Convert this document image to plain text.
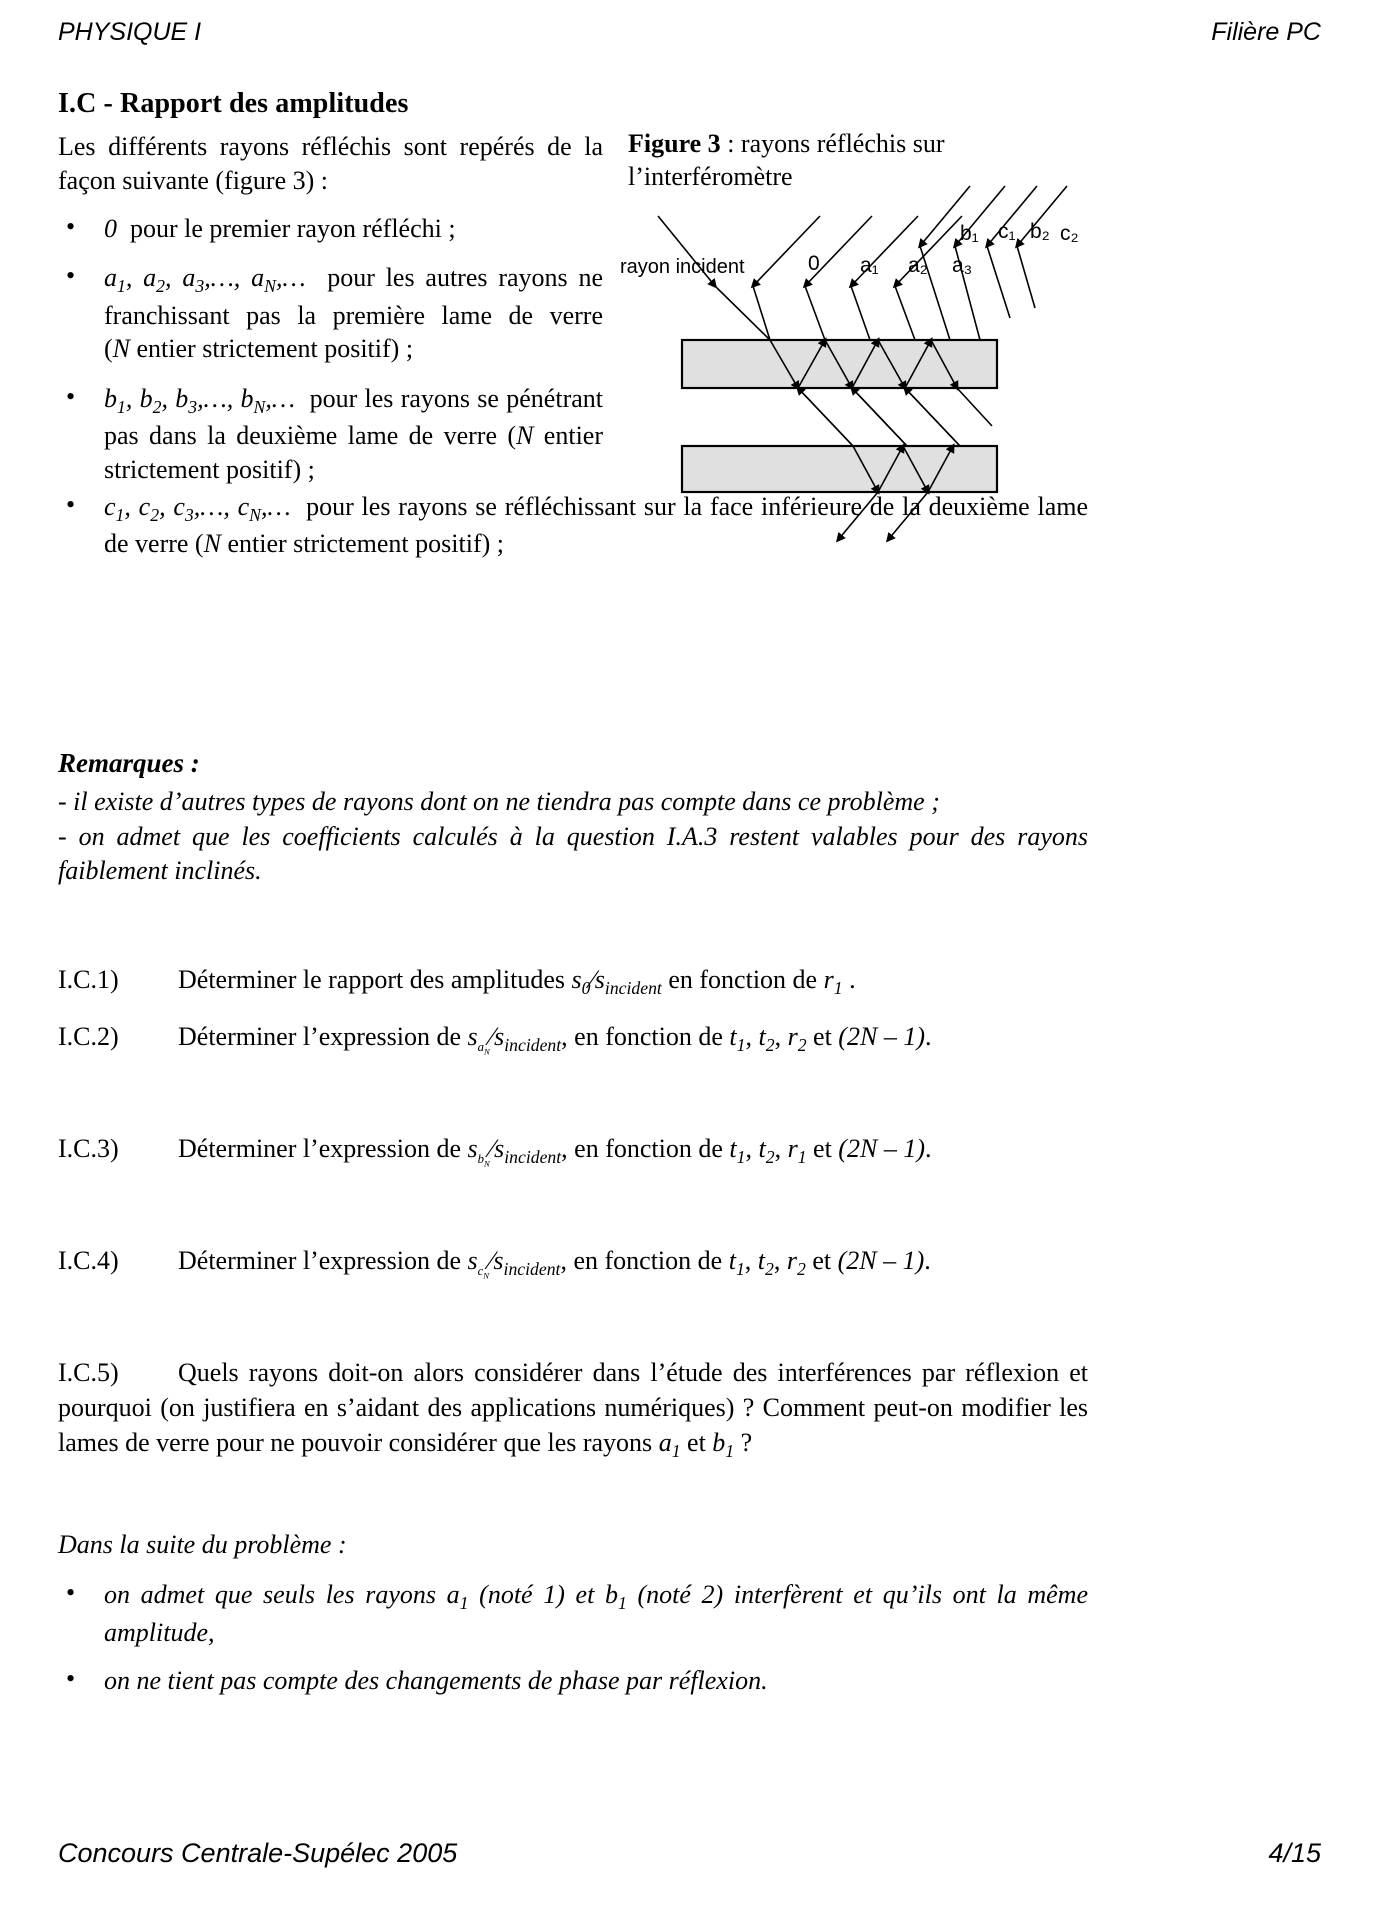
PHYSIQUE I	Filière PC
I.C - Rapport des amplitudes

Les différents rayons réfléchis sont repérés de la façon suivante (figure 3) :

• 0  pour le premier rayon réfléchi ;
• $a_1$, $a_2$, $a_3,\dots$, $a_N,\dots$  pour les autres rayons ne franchissant pas la première lame de verre (N entier strictement positif) ;
• $b_1$, $b_2$, $b_3,\dots$, $b_N,\dots$  pour les rayons se pénétrant pas dans la deuxième lame de verre (N entier strictement positif) ;
• $c_1$, $c_2$, $c_3,\dots$, $c_N,\dots$  pour les rayons se réfléchissant sur la face inférieure de la deuxième lame de verre (N entier strictement positif) ;
Figure 3 : rayons réfléchis sur l’interféromètre
rayon incident	0 a₁ a₂ a₃
b₁ c₁ b₂ c₂
Remarques :

- il existe d’autres types de rayons dont on ne tiendra pas compte dans ce problème ;

- on admet que les coefficients calculés à la question I.A.3 restent valables pour des rayons faiblement inclinés.

I.C.1) Déterminer le rapport des amplitudes $s_0⁄s_{incident}$ en fonction de $r_1$ .
I.C.2) Déterminer l’expression de $s_{a_N}⁄s_{incident}$, en fonction de $t_1$, $t_2$, $r_2$ et (2N – 1).
I.C.3) Déterminer l’expression de $s_{b_N}⁄s_{incident}$, en fonction de $t_1$, $t_2$, $r_1$ et (2N – 1).
I.C.4) Déterminer l’expression de $s_{c_N}⁄s_{incident}$, en fonction de $t_1$, $t_2$, $r_2$ et (2N – 1).
I.C.5) Quels rayons doit-on alors considérer dans l’étude des interférences par réflexion et pourquoi (on justifiera en s’aidant des applications numériques) ? Comment peut-on modifier les lames de verre pour ne pouvoir considérer que les rayons $a_1$ et $b_1$ ?
Dans la suite du problème :
• on admet que seuls les rayons $a_1$ (noté 1) et $b_1$ (noté 2) interfèrent et qu’ils ont la même amplitude,
• on ne tient pas compte des changements de phase par réflexion.
Concours Centrale-Supélec 2005	4/15
